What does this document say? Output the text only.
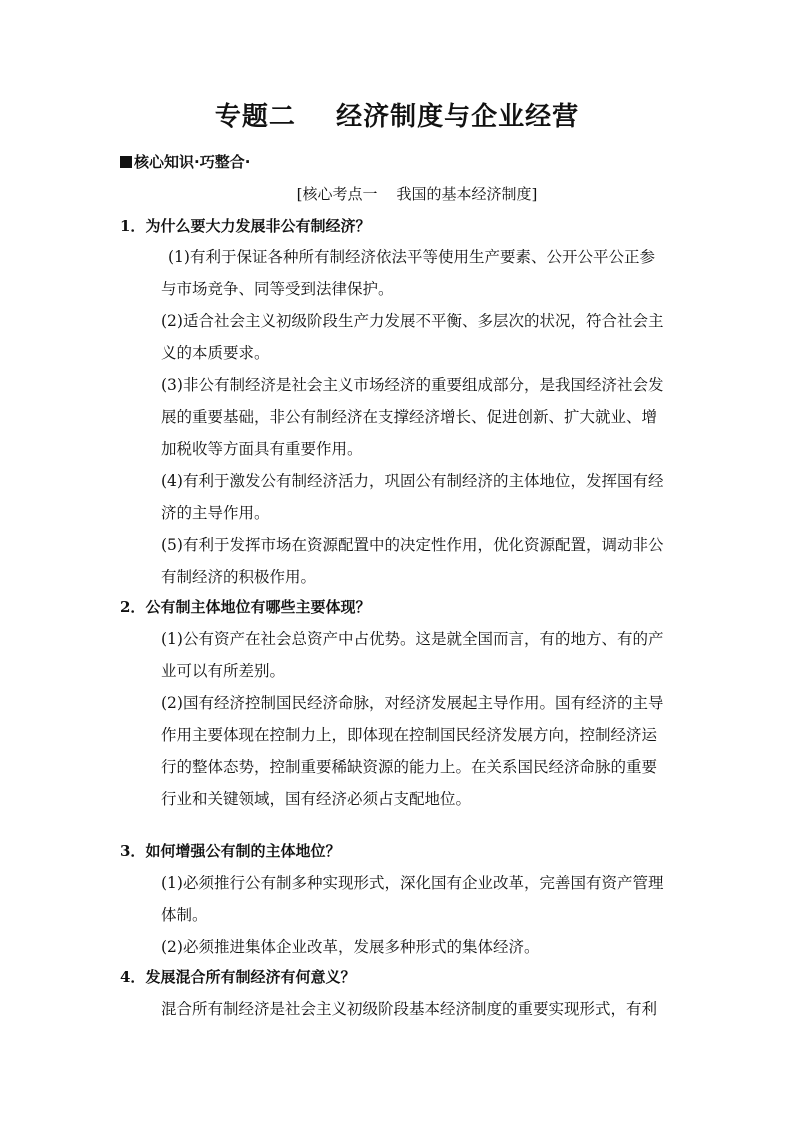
专题二    经济制度与企业经营
核心知识·巧整合·
[核心考点一    我国的基本经济制度]
1．为什么要大力发展非公有制经济？
(1)有利于保证各种所有制经济依法平等使用生产要素、公开公平公正参
与市场竞争、同等受到法律保护。
(2)适合社会主义初级阶段生产力发展不平衡、多层次的状况，符合社会主
义的本质要求。
(3)非公有制经济是社会主义市场经济的重要组成部分，是我国经济社会发
展的重要基础，非公有制经济在支撑经济增长、促进创新、扩大就业、增
加税收等方面具有重要作用。
(4)有利于激发公有制经济活力，巩固公有制经济的主体地位，发挥国有经
济的主导作用。
(5)有利于发挥市场在资源配置中的决定性作用，优化资源配置，调动非公
有制经济的积极作用。
2．公有制主体地位有哪些主要体现？
(1)公有资产在社会总资产中占优势。这是就全国而言，有的地方、有的产
业可以有所差别。
(2)国有经济控制国民经济命脉，对经济发展起主导作用。国有经济的主导
作用主要体现在控制力上，即体现在控制国民经济发展方向，控制经济运
行的整体态势，控制重要稀缺资源的能力上。在关系国民经济命脉的重要
行业和关键领域，国有经济必须占支配地位。
3．如何增强公有制的主体地位？
(1)必须推行公有制多种实现形式，深化国有企业改革，完善国有资产管理
体制。
(2)必须推进集体企业改革，发展多种形式的集体经济。
4．发展混合所有制经济有何意义？
混合所有制经济是社会主义初级阶段基本经济制度的重要实现形式，有利
